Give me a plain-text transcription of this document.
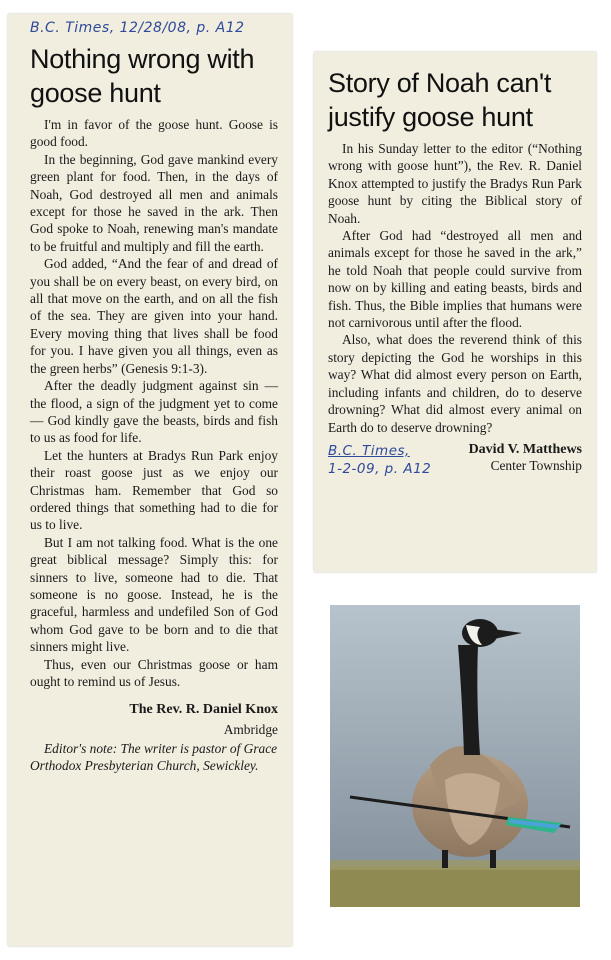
B.C. Times, 12/28/08, p. A12
Nothing wrong with goose hunt

I'm in favor of the goose hunt. Goose is good food.

In the beginning, God gave mankind every green plant for food. Then, in the days of Noah, God destroyed all men and animals except for those he saved in the ark. Then God spoke to Noah, renewing man's mandate to be fruitful and multiply and fill the earth.

God added, “And the fear of and dread of you shall be on every beast, on every bird, on all that move on the earth, and on all the fish of the sea. They are given into your hand. Every moving thing that lives shall be food for you. I have given you all things, even as the green herbs” (Genesis 9:1-3).

After the deadly judgment against sin — the flood, a sign of the judgment yet to come — God kindly gave the beasts, birds and fish to us as food for life.

Let the hunters at Bradys Run Park enjoy their roast goose just as we enjoy our Christmas ham. Remember that God so ordered things that something had to die for us to live.

But I am not talking food. What is the one great biblical message? Simply this: for sinners to live, someone had to die. That someone is no goose. Instead, he is the graceful, harmless and undefiled Son of God whom God gave to be born and to die that sinners might live.

Thus, even our Christmas goose or ham ought to remind us of Jesus.

The Rev. R. Daniel Knox
Ambridge
Editor's note: The writer is pastor of Grace Orthodox Presbyterian Church, Sewickley.
Story of Noah can't justify goose hunt

In his Sunday letter to the editor (“Nothing wrong with goose hunt”), the Rev. R. Daniel Knox attempted to justify the Bradys Run Park goose hunt by citing the Biblical story of Noah.

After God had “destroyed all men and animals except for those he saved in the ark,” he told Noah that people could survive from now on by killing and eating beasts, birds and fish. Thus, the Bible implies that humans were not carnivorous until after the flood.

Also, what does the reverend think of this story depicting the God he worships in this way? What did almost every person on Earth, including infants and children, do to deserve drowning? What did almost every animal on Earth do to deserve drowning?

B.C. Times,
1-2-09, p. A12
David V. Matthews
Center Township
